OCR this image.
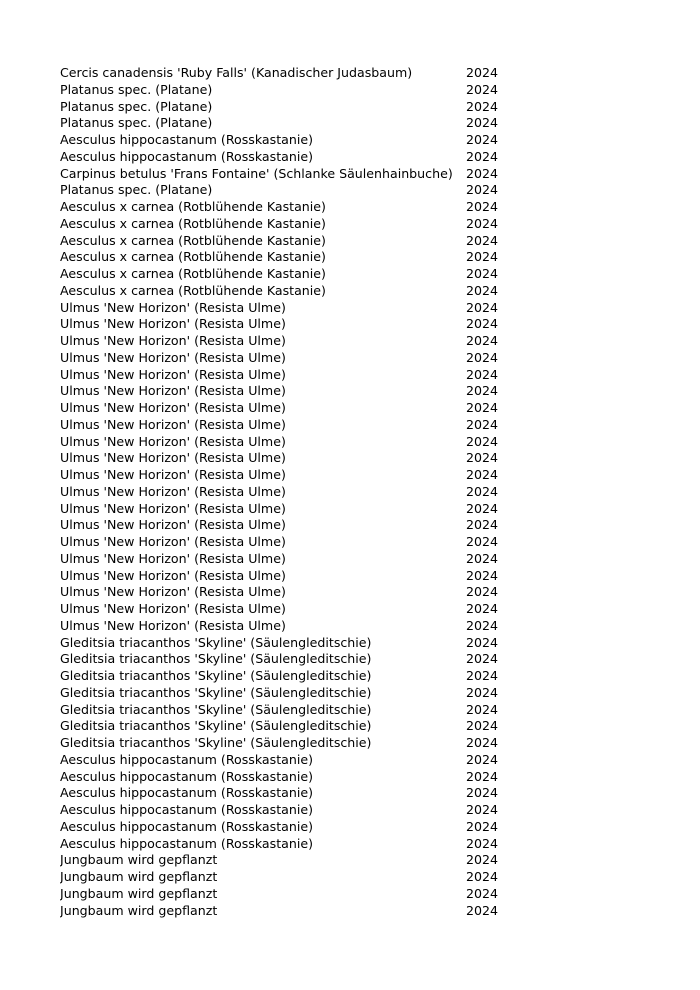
Cercis canadensis 'Ruby Falls' (Kanadischer Judasbaum)	2024
Platanus spec. (Platane)	2024
Platanus spec. (Platane)	2024
Platanus spec. (Platane)	2024
Aesculus hippocastanum (Rosskastanie)	2024
Aesculus hippocastanum (Rosskastanie)	2024
Carpinus betulus 'Frans Fontaine' (Schlanke Säulenhainbuche)	2024
Platanus spec. (Platane)	2024
Aesculus x carnea (Rotblühende Kastanie)	2024
Aesculus x carnea (Rotblühende Kastanie)	2024
Aesculus x carnea (Rotblühende Kastanie)	2024
Aesculus x carnea (Rotblühende Kastanie)	2024
Aesculus x carnea (Rotblühende Kastanie)	2024
Aesculus x carnea (Rotblühende Kastanie)	2024
Ulmus 'New Horizon' (Resista Ulme)	2024
Ulmus 'New Horizon' (Resista Ulme)	2024
Ulmus 'New Horizon' (Resista Ulme)	2024
Ulmus 'New Horizon' (Resista Ulme)	2024
Ulmus 'New Horizon' (Resista Ulme)	2024
Ulmus 'New Horizon' (Resista Ulme)	2024
Ulmus 'New Horizon' (Resista Ulme)	2024
Ulmus 'New Horizon' (Resista Ulme)	2024
Ulmus 'New Horizon' (Resista Ulme)	2024
Ulmus 'New Horizon' (Resista Ulme)	2024
Ulmus 'New Horizon' (Resista Ulme)	2024
Ulmus 'New Horizon' (Resista Ulme)	2024
Ulmus 'New Horizon' (Resista Ulme)	2024
Ulmus 'New Horizon' (Resista Ulme)	2024
Ulmus 'New Horizon' (Resista Ulme)	2024
Ulmus 'New Horizon' (Resista Ulme)	2024
Ulmus 'New Horizon' (Resista Ulme)	2024
Ulmus 'New Horizon' (Resista Ulme)	2024
Ulmus 'New Horizon' (Resista Ulme)	2024
Ulmus 'New Horizon' (Resista Ulme)	2024
Gleditsia triacanthos 'Skyline' (Säulengleditschie)	2024
Gleditsia triacanthos 'Skyline' (Säulengleditschie)	2024
Gleditsia triacanthos 'Skyline' (Säulengleditschie)	2024
Gleditsia triacanthos 'Skyline' (Säulengleditschie)	2024
Gleditsia triacanthos 'Skyline' (Säulengleditschie)	2024
Gleditsia triacanthos 'Skyline' (Säulengleditschie)	2024
Gleditsia triacanthos 'Skyline' (Säulengleditschie)	2024
Aesculus hippocastanum (Rosskastanie)	2024
Aesculus hippocastanum (Rosskastanie)	2024
Aesculus hippocastanum (Rosskastanie)	2024
Aesculus hippocastanum (Rosskastanie)	2024
Aesculus hippocastanum (Rosskastanie)	2024
Aesculus hippocastanum (Rosskastanie)	2024
Jungbaum wird gepflanzt	2024
Jungbaum wird gepflanzt	2024
Jungbaum wird gepflanzt	2024
Jungbaum wird gepflanzt	2024
